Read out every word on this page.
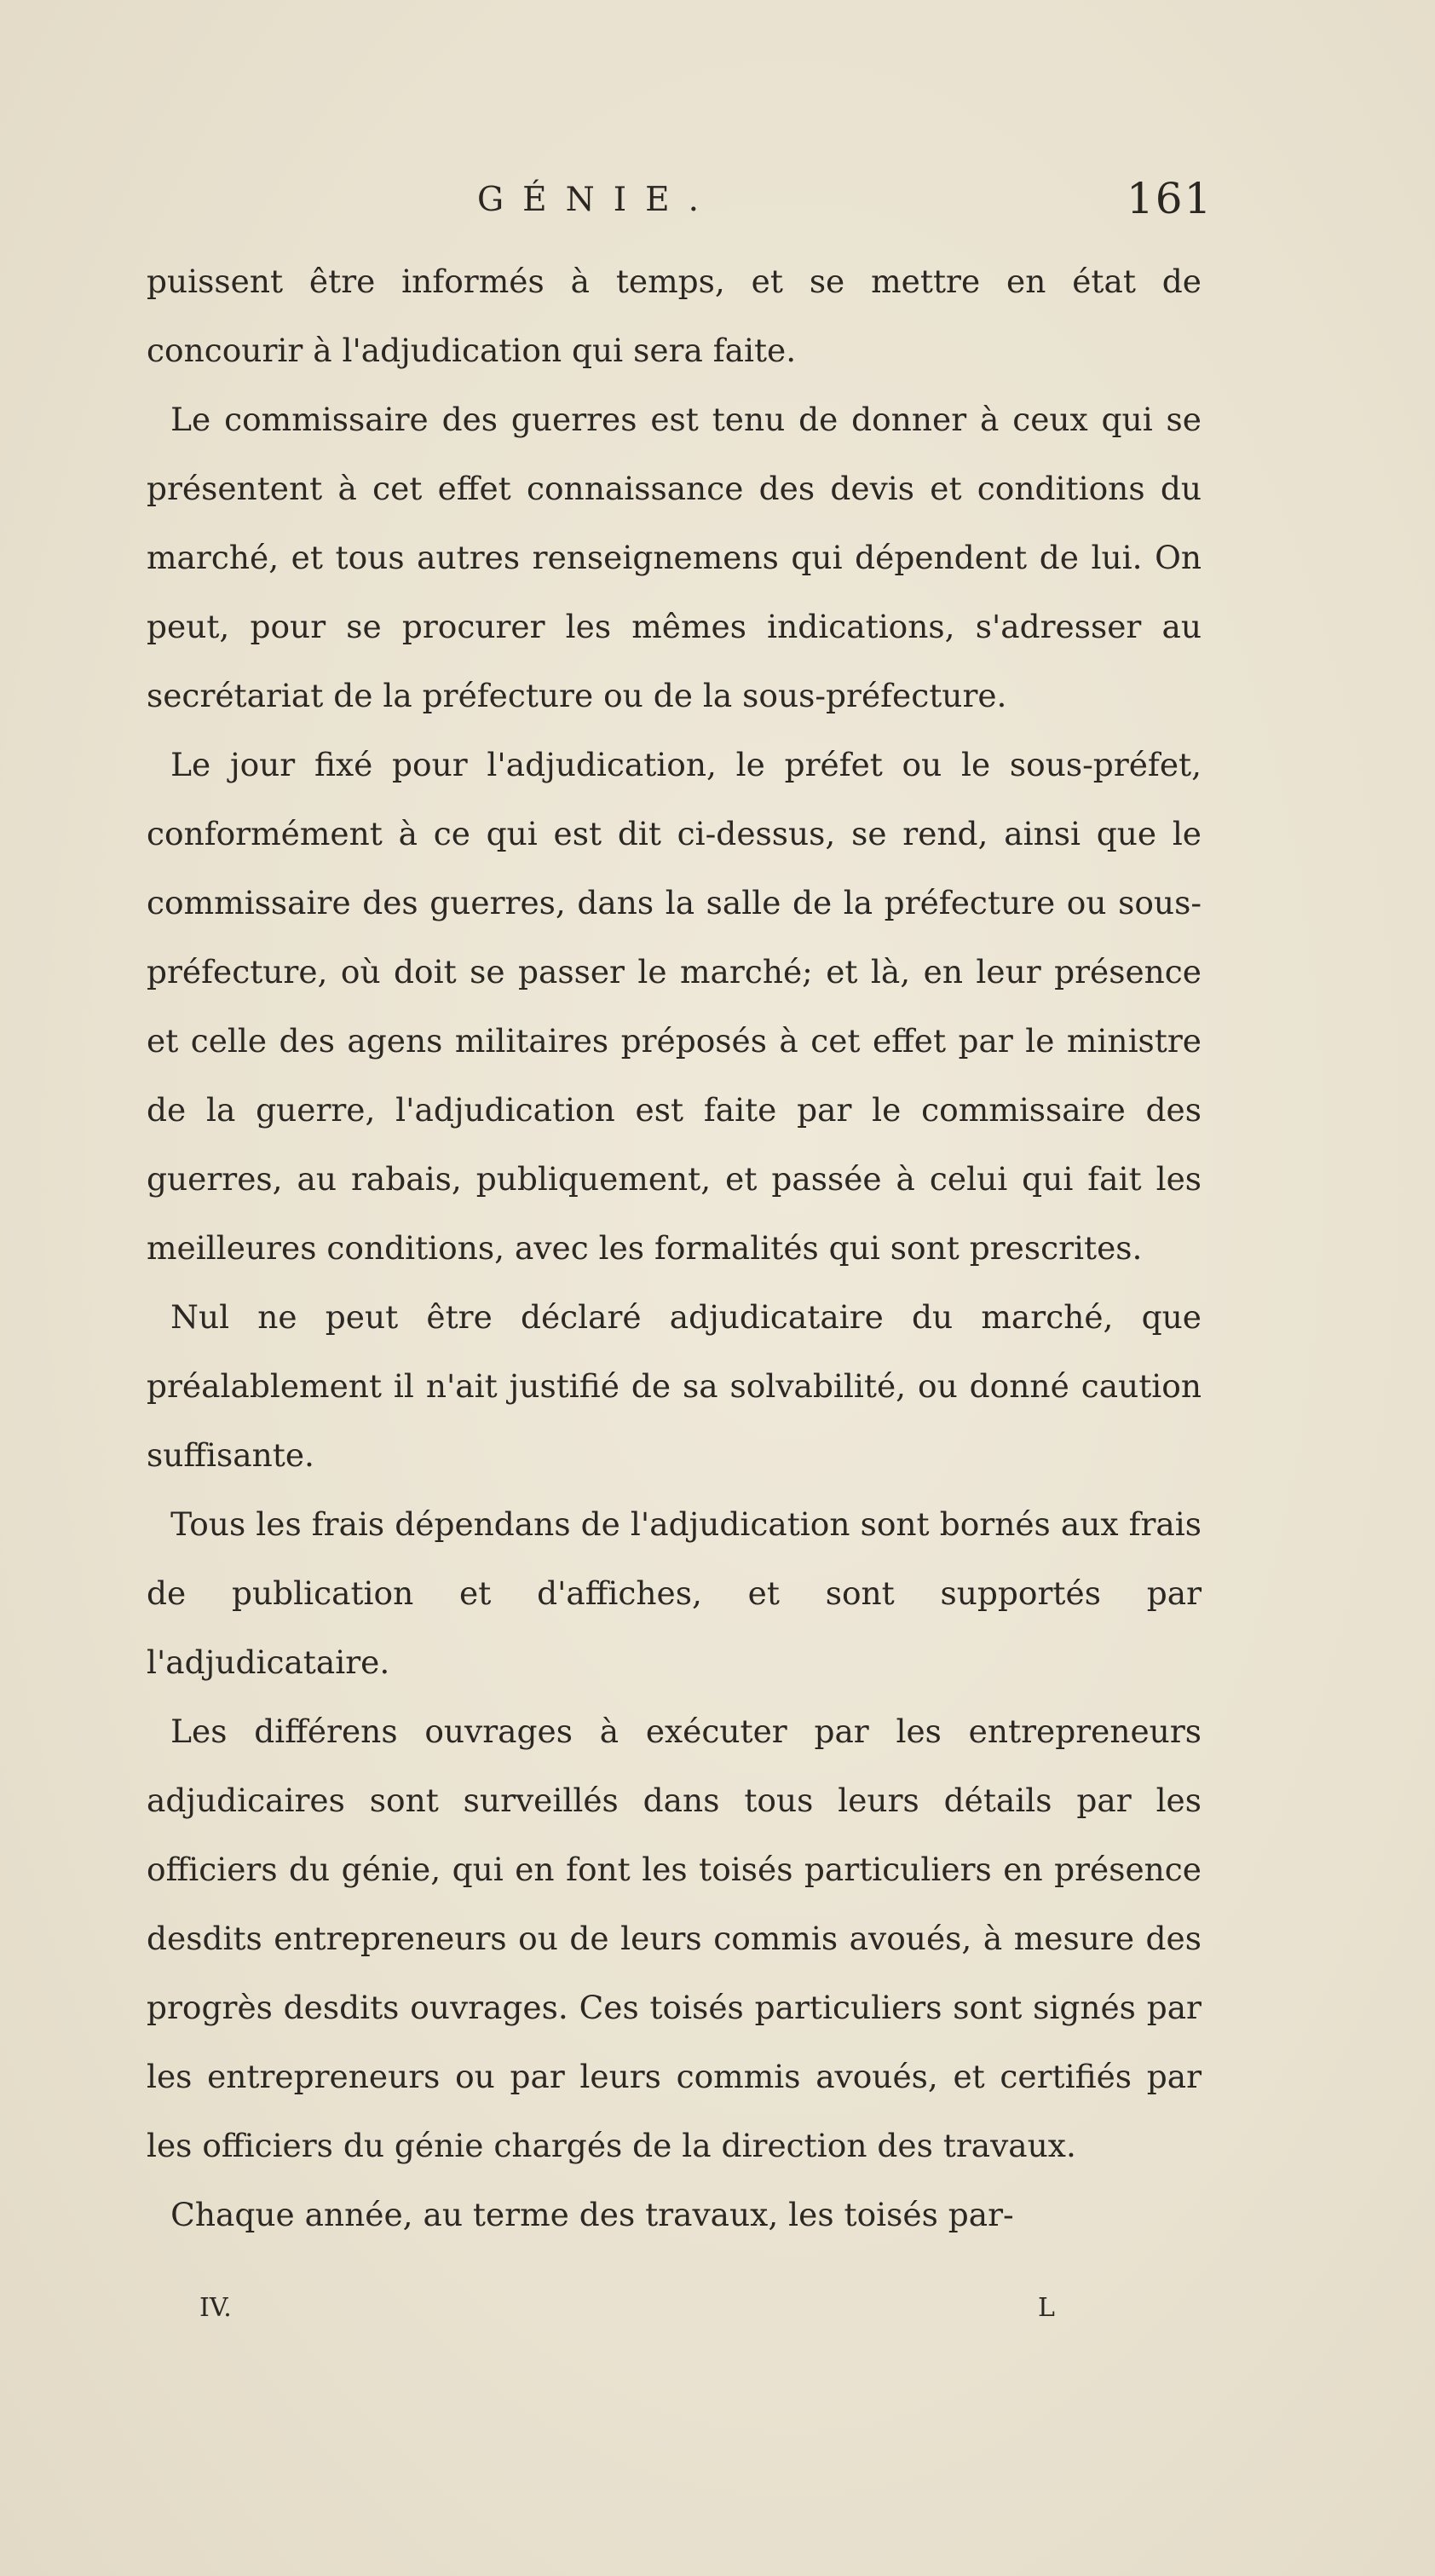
GÉNIE.	161

puissent être informés à temps, et se mettre en état de concourir à l'adjudication qui sera faite.

Le commissaire des guerres est tenu de donner à ceux qui se présentent à cet effet connaissance des devis et conditions du marché, et tous autres renseignemens qui dépendent de lui. On peut, pour se procurer les mêmes indications, s'adresser au secrétariat de la préfecture ou de la sous-préfecture.

Le jour fixé pour l'adjudication, le préfet ou le sous-préfet, conformément à ce qui est dit ci-dessus, se rend, ainsi que le commissaire des guerres, dans la salle de la préfecture ou sous-préfecture, où doit se passer le marché; et là, en leur présence et celle des agens militaires préposés à cet effet par le ministre de la guerre, l'adjudication est faite par le commissaire des guerres, au rabais, publiquement, et passée à celui qui fait les meilleures conditions, avec les formalités qui sont prescrites.

Nul ne peut être déclaré adjudicataire du marché, que préalablement il n'ait justifié de sa solvabilité, ou donné caution suffisante.

Tous les frais dépendans de l'adjudication sont bornés aux frais de publication et d'affiches, et sont supportés par l'adjudicataire.

Les différens ouvrages à exécuter par les entrepreneurs adjudicaires sont surveillés dans tous leurs détails par les officiers du génie, qui en font les toisés particuliers en présence desdits entrepreneurs ou de leurs commis avoués, à mesure des progrès desdits ouvrages. Ces toisés particuliers sont signés par les entrepreneurs ou par leurs commis avoués, et certifiés par les officiers du génie chargés de la direction des travaux.

Chaque année, au terme des travaux, les toisés par-

IV.	L
